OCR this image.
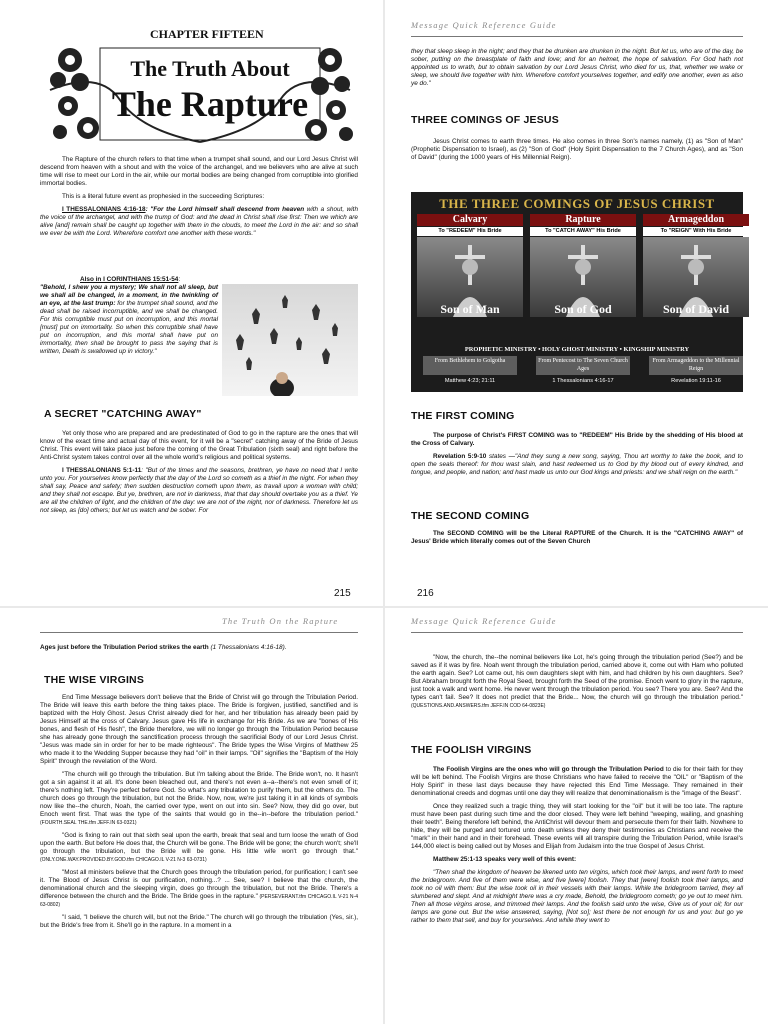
CHAPTER FIFTEEN
The Truth About
The Rapture

The Rapture of the church refers to that time when a trumpet shall sound, and our Lord Jesus Christ will descend from heaven with a shout and with the voice of the archangel, and we believers who are alive at such time will rise to meet our Lord in the air, while our mortal bodies are being changed from corruptible into glorified immortal bodies.

This is a literal future event as prophesied in the succeeding Scriptures:

I THESSALONIANS 4:16-18: "For the Lord himself shall descend from heaven with a shout, with the voice of the archangel, and with the trump of God: and the dead in Christ shall rise first: Then we which are alive [and] remain shall be caught up together with them in the clouds, to meet the Lord in the air: and so shall we ever be with the Lord. Wherefore comfort one another with these words."

Also in I CORINTHIANS 15:51-54:

"Behold, I shew you a mystery; We shall not all sleep, but we shall all be changed, in a moment, in the twinkling of an eye, at the last trump: for the trumpet shall sound, and the dead shall be raised incorruptible, and we shall be changed. For this corruptible must put on incorruption, and this mortal [must] put on immortality. So when this corruptible shall have put on incorruption, and this mortal shall have put on immortality, then shall be brought to pass the saying that is written, Death is swallowed up in victory."

A SECRET "CATCHING AWAY"

Yet only those who are prepared and are predestinated of God to go in the rapture are the ones that will know of the exact time and actual day of this event, for it will be a "secret" catching away of the Bride of Jesus Christ. This event will take place just before the coming of the Great Tribulation (sixth seal) and right before the Anti-Christ system takes control over all the whole world's religious and political systems.

I THESSALONIANS 5:1-11: "But of the times and the seasons, brethren, ye have no need that I write unto you. For yourselves know perfectly that the day of the Lord so cometh as a thief in the night. For when they shall say, Peace and safety; then sudden destruction cometh upon them, as travail upon a woman with child; and they shall not escape. But ye, brethren, are not in darkness, that that day should overtake you as a thief. Ye are all the children of light, and the children of the day: we are not of the night, nor of darkness. Therefore let us not sleep, as [do] others; but let us watch and be sober. For

215
Message Quick Reference Guide
they that sleep sleep in the night; and they that be drunken are drunken in the night. But let us, who are of the day, be sober, putting on the breastplate of faith and love; and for an helmet, the hope of salvation. For God hath not appointed us to wrath, but to obtain salvation by our Lord Jesus Christ, who died for us, that, whether we wake or sleep, we should live together with him. Wherefore comfort yourselves together, and edify one another, even as also ye do."
THREE COMINGS OF JESUS

Jesus Christ comes to earth three times. He also comes in three Son's names namely, (1) as "Son of Man" (Prophetic Dispensation to Israel), as (2) "Son of God" (Holy Spirit Dispensation to the 7 Church Ages), and as "Son of David" (during the 1000 years of His Millennial Reign).

THE THREE COMINGS OF JESUS CHRIST
Calvary
To "REDEEM" His Bride
Son of Man
From Bethlehem to Golgotha
Matthew 4:23; 21:11
Rapture
To "CATCH AWAY" His Bride
Son of God
From Pentecost to The Seven Church Ages
1 Thessalonians 4:16-17
Armageddon
To "REIGN" With His Bride
Son of David
From Armageddon to the Millennial Reign
Revelation 19:11-16
PROPHETIC MINISTRY • HOLY GHOST MINISTRY • KINGSHIP MINISTRY
THE FIRST COMING

The purpose of Christ's FIRST COMING was to "REDEEM" His Bride by the shedding of His blood at the Cross of Calvary.

Revelation 5:9-10 states —"And they sung a new song, saying, Thou art worthy to take the book, and to open the seals thereof: for thou wast slain, and hast redeemed us to God by thy blood out of every kindred, and tongue, and people, and nation; and hast made us unto our God kings and priests: and we shall reign on the earth."

THE SECOND COMING
The SECOND COMING will be the Literal RAPTURE of the Church. It is the "CATCHING AWAY" of Jesus' Bride which literally comes out of the Seven Church
216
The Truth On the Rapture
Ages just before the Tribulation Period strikes the earth (1 Thessalonians 4:16-18).
THE WISE VIRGINS

End Time Message believers don't believe that the Bride of Christ will go through the Tribulation Period. The Bride will leave this earth before the thing takes place. The Bride is forgiven, justified, sanctified and is baptized with the Holy Ghost. Jesus Christ already died for her, and her tribulation has already been paid by Jesus Himself at the cross of Calvary. Jesus gave His life in exchange for His Bride. As we are "bones of His bones, and flesh of His flesh", the Bride therefore, we will no longer go through the Tribulation Period because she has already gone through the sanctification process through the sacrificial Body of our Lord Jesus Christ. "Jesus was made sin in order for her to be made righteous". The Bride types the Wise Virgins of Matthew 25 who made it to the Wedding Supper because they had "oil" in their lamps. "Oil" signifies the "Baptism of the Holy Spirit" through the revelation of the Word.

"The church will go through the tribulation. But I'm talking about the Bride. The Bride won't, no. It hasn't got a sin against it at all. It's done been bleached out, and there's not even a--a--there's not even smell of it; there's nothing left. They're perfect before God. So what's any tribulation to purify them, but the others do. The church does go through the tribulation, but not the Bride. Now, now, we're just taking it in all kinds of symbols now like the--the church, Noah, the carried over type, went on out into sin. See? Now, they did go over, but Enoch went first. That was the type of the saints that would go in the--in--before the tribulation period." (FOURTH.SEAL THE.tfm JEFF.IN 63-0321)

"God is fixing to rain out that sixth seal upon the earth, break that seal and turn loose the wrath of God upon the earth. But before He does that, the Church will be gone. The Bride will be gone; the church won't; she'll go through the tribulation, but the Bride will be gone. His little wife won't go through that." (ONLY.ONE.WAY.PROVIDED.BY.GOD.tfm CHICAGO.IL V-21 N-3 63-0731)

"Most all ministers believe that the Church goes through the tribulation period, for purification; I can't see it. The Blood of Jesus Christ is our purification, nothing...? ... See, see? I believe that the church, the denominational church and the sleeping virgin, does go through the tribulation, but not the Bride. There's a difference between the church and the Bride. The Bride goes in the rapture." (PERSEVERANT.tfm CHICAGO.IL V-21 N-4 63-0802)

"I said, "I believe the church will, but not the Bride." The church will go through the tribulation (Yes, sir.), but the Bride's free from it. She'll go in the rapture. In a moment in a

Message Quick Reference Guide

"Now, the church, the--the nominal believers like Lot, he's going through the tribulation period (See?) and be saved as if it was by fire. Noah went through the tribulation period, carried above it, come out with Ham who polluted the earth again. See? Lot came out, his own daughters slept with him, and had children by his own daughters. See? But Abraham brought forth the Royal Seed, brought forth the Seed of the promise. Enoch went to glory in the rapture, just took a walk and went home. He never went through the tribulation period. You see? There you are. See? And the types can't fail. See? It does not predict that the Bride... Now, the church will go through the tribulation period." (QUESTIONS.AND.ANSWERS.tfm JEFF.IN COD 64-0823E)

THE FOOLISH VIRGINS

The Foolish Virgins are the ones who will go through the Tribulation Period to die for their faith for they will be left behind. The Foolish Virgins are those Christians who have failed to receive the "OIL" or "Baptism of the Holy Spirit" in these last days because they have rejected this End Time Message. They remained in their denominational creeds and dogmas until one day they will realize that denominationalism is the "image of the Beast".

Once they realized such a tragic thing, they will start looking for the "oil" but it will be too late. The rapture must have been past during such time and the door closed. They were left behind "weeping, wailing, and gnashing their teeth". Being therefore left behind, the AntiChrist will devour them and persecute them for their faith. Nowhere to hide, they will be purged and tortured unto death unless they deny their testimonies as Christians and receive the "mark" in their hand and in their forehead. These events will all transpire during the Tribulation Period, while Israel's 144,000 elect is being called out by Moses and Elijah from Judaism into the true Gospel of Jesus Christ.

Matthew 25:1-13 speaks very well of this event:

"Then shall the kingdom of heaven be likened unto ten virgins, which took their lamps, and went forth to meet the bridegroom. And five of them were wise, and five [were] foolish. They that [were] foolish took their lamps, and took no oil with them: But the wise took oil in their vessels with their lamps. While the bridegroom tarried, they all slumbered and slept. And at midnight there was a cry made, Behold, the bridegroom cometh; go ye out to meet him. Then all those virgins arose, and trimmed their lamps. And the foolish said unto the wise, Give us of your oil; for our lamps are gone out. But the wise answered, saying, [Not so]; lest there be not enough for us and you: but go ye rather to them that sell, and buy for yourselves. And while they went to
